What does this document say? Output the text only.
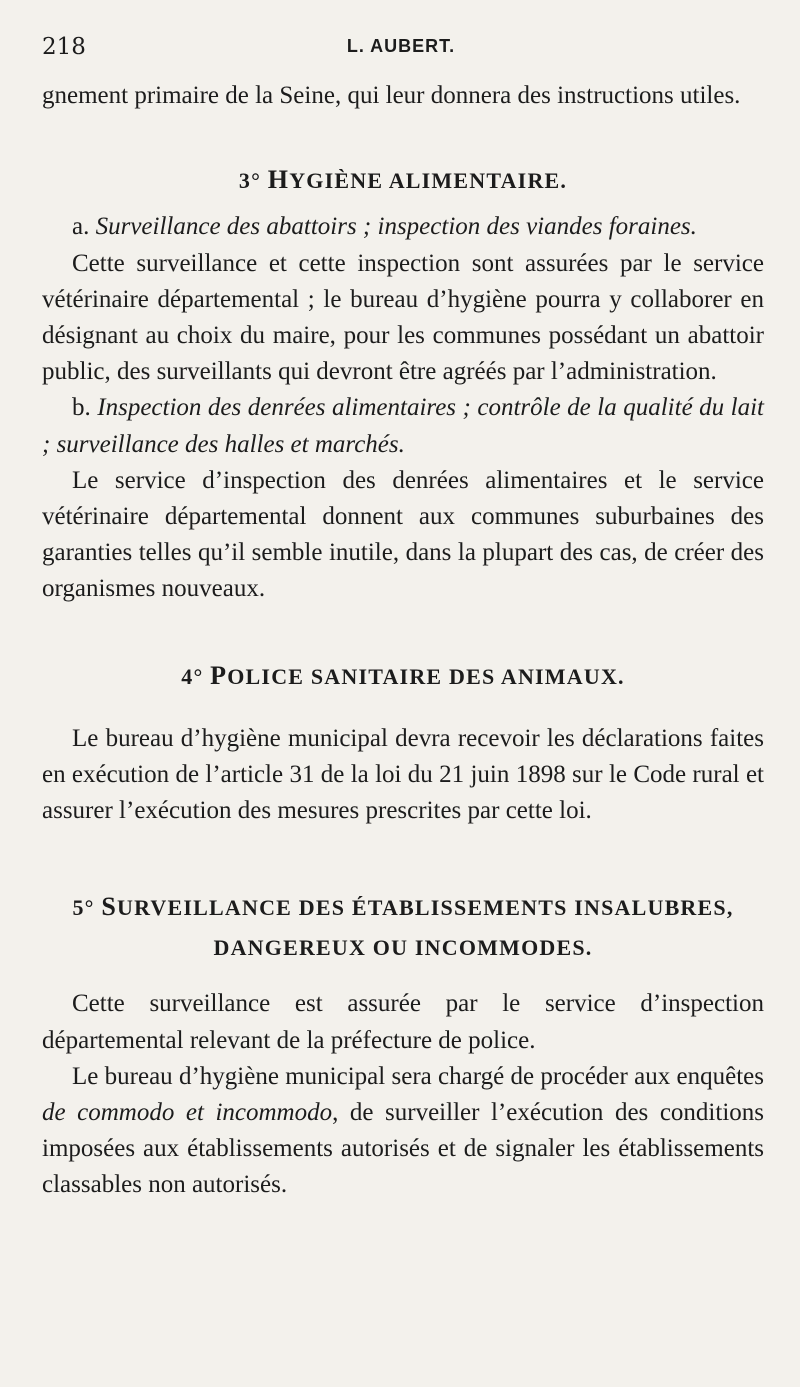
218	L. AUBERT.

gnement primaire de la Seine, qui leur donnera des instructions utiles.

3° HYGIÈNE ALIMENTAIRE.

a. Surveillance des abattoirs ; inspection des viandes foraines.

Cette surveillance et cette inspection sont assurées par le service vétérinaire départemental ; le bureau d’hygiène pourra y collaborer en désignant au choix du maire, pour les communes possédant un abattoir public, des surveillants qui devront être agréés par l’administration.

b. Inspection des denrées alimentaires ; contrôle de la qualité du lait ; surveillance des halles et marchés.

Le service d’inspection des denrées alimentaires et le service vétérinaire départemental donnent aux communes suburbaines des garanties telles qu’il semble inutile, dans la plupart des cas, de créer des organismes nouveaux.

4° POLICE SANITAIRE DES ANIMAUX.

Le bureau d’hygiène municipal devra recevoir les déclarations faites en exécution de l’article 31 de la loi du 21 juin 1898 sur le Code rural et assurer l’exécution des mesures prescrites par cette loi.

5° SURVEILLANCE DES ÉTABLISSEMENTS INSALUBRES,
DANGEREUX OU INCOMMODES.

Cette surveillance est assurée par le service d’inspection départemental relevant de la préfecture de police.

Le bureau d’hygiène municipal sera chargé de procéder aux enquêtes de commodo et incommodo, de surveiller l’exécution des conditions imposées aux établissements autorisés et de signaler les établissements classables non autorisés.
